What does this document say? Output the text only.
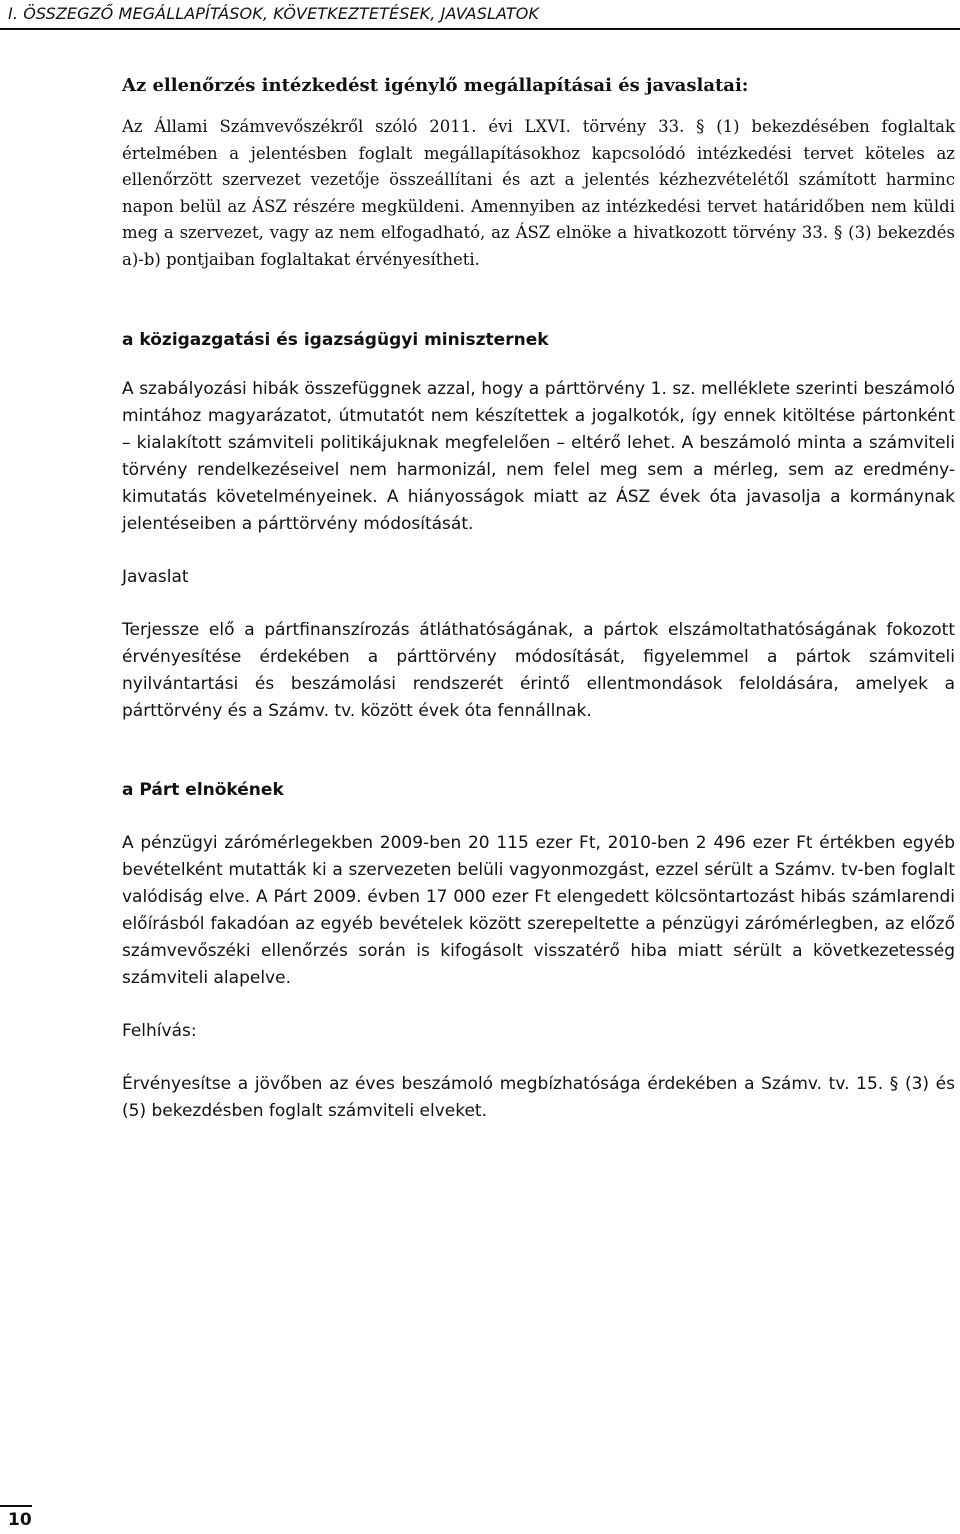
I. ÖSSZEGZŐ MEGÁLLAPÍTÁSOK, KÖVETKEZTETÉSEK, JAVASLATOK
Az ellenőrzés intézkedést igénylő megállapításai és javaslatai:

Az Állami Számvevőszékről szóló 2011. évi LXVI. törvény 33. § (1) bekezdésében foglaltak értelmében a jelentésben foglalt megállapításokhoz kapcsolódó intézkedési tervet köteles az ellenőrzött szervezet vezetője összeállítani és azt a jelentés kézhezvételétől számított harminc napon belül az ÁSZ részére megküldeni. Amennyiben az intézkedési tervet határidőben nem küldi meg a szervezet, vagy az nem elfogadható, az ÁSZ elnöke a hivatkozott törvény 33. § (3) bekezdés a)-b) pontjaiban foglaltakat érvényesítheti.

a közigazgatási és igazságügyi miniszternek

A szabályozási hibák összefüggnek azzal, hogy a párttörvény 1. sz. melléklete szerinti beszámoló mintához magyarázatot, útmutatót nem készítettek a jogalkotók, így ennek kitöltése pártonként – kialakított számviteli politikájuknak megfelelően – eltérő lehet. A beszámoló minta a számviteli törvény rendelkezéseivel nem harmonizál, nem felel meg sem a mérleg, sem az eredmény-kimutatás követelményeinek. A hiányosságok miatt az ÁSZ évek óta javasolja a kormánynak jelentéseiben a párttörvény módosítását.

Javaslat

Terjessze elő a pártfinanszírozás átláthatóságának, a pártok elszámoltathatóságának fokozott érvényesítése érdekében a párttörvény módosítását, figyelemmel a pártok számviteli nyilvántartási és beszámolási rendszerét érintő ellentmondások feloldására, amelyek a párttörvény és a Számv. tv. között évek óta fennállnak.

a Párt elnökének

A pénzügyi zárómérlegekben 2009-ben 20 115 ezer Ft, 2010-ben 2 496 ezer Ft értékben egyéb bevételként mutatták ki a szervezeten belüli vagyonmozgást, ezzel sérült a Számv. tv-ben foglalt valódiság elve. A Párt 2009. évben 17 000 ezer Ft elengedett kölcsöntartozást hibás számlarendi előírásból fakadóan az egyéb bevételek között szerepeltette a pénzügyi zárómérlegben, az előző számvevőszéki ellenőrzés során is kifogásolt visszatérő hiba miatt sérült a következetesség számviteli alapelve.

Felhívás:

Érvényesítse a jövőben az éves beszámoló megbízhatósága érdekében a Számv. tv. 15. § (3) és (5) bekezdésben foglalt számviteli elveket.

10
